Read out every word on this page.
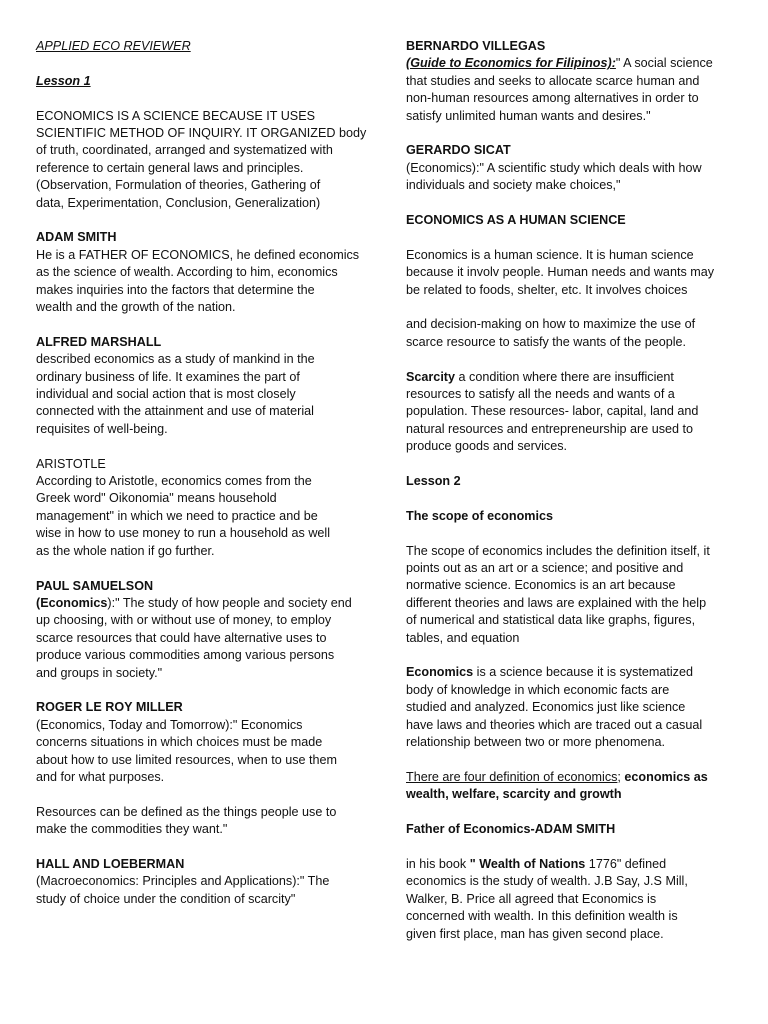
APPLIED ECO REVIEWER
Lesson 1
ECONOMICS IS A SCIENCE BECAUSE IT USES
SCIENTIFIC METHOD OF INQUIRY. IT ORGANIZED body
of truth, coordinated, arranged and systematized with
reference to certain general laws and principles.
(Observation, Formulation of theories, Gathering of
data, Experimentation, Conclusion, Generalization)
ADAM SMITH
He is a FATHER OF ECONOMICS, he defined economics
as the science of wealth. According to him, economics
makes inquiries into the factors that determine the
wealth and the growth of the nation.
ALFRED MARSHALL
described economics as a study of mankind in the
ordinary business of life. It examines the part of
individual and social action that is most closely
connected with the attainment and use of material
requisites of well-being.
ARISTOTLE
According to Aristotle, economics comes from the
Greek word" Oikonomia" means household
management" in which we need to practice and be
wise in how to use money to run a household as well
as the whole nation if go further.
PAUL SAMUELSON
(Economics):" The study of how people and society end
up choosing, with or without use of money, to employ
scarce resources that could have alternative uses to
produce various commodities among various persons
and groups in society."
ROGER LE ROY MILLER
(Economics, Today and Tomorrow):" Economics
concerns situations in which choices must be made
about how to use limited resources, when to use them
and for what purposes.
Resources can be defined as the things people use to
make the commodities they want."
HALL AND LOEBERMAN
(Macroeconomics: Principles and Applications):" The
study of choice under the condition of scarcity"
BERNARDO VILLEGAS
(Guide to Economics for Filipinos):" A social science
that studies and seeks to allocate scarce human and
non-human resources among alternatives in order to
satisfy unlimited human wants and desires."
GERARDO SICAT
(Economics):" A scientific study which deals with how
individuals and society make choices,"
ECONOMICS AS A HUMAN SCIENCE
Economics is a human science. It is human science
because it involv people. Human needs and wants may
be related to foods, shelter, etc. It involves choices
and decision-making on how to maximize the use of
scarce resource to satisfy the wants of the people.
Scarcity a condition where there are insufficient
resources to satisfy all the needs and wants of a
population. These resources- labor, capital, land and
natural resources and entrepreneurship are used to
produce goods and services.
Lesson 2
The scope of economics
The scope of economics includes the definition itself, it
points out as an art or a science; and positive and
normative science. Economics is an art because
different theories and laws are explained with the help
of numerical and statistical data like graphs, figures,
tables, and equation
Economics is a science because it is systematized
body of knowledge in which economic facts are
studied and analyzed. Economics just like science
have laws and theories which are traced out a casual
relationship between two or more phenomena.
There are four definition of economics; economics as
wealth, welfare, scarcity and growth
Father of Economics-ADAM SMITH
in his book " Wealth of Nations 1776" defined
economics is the study of wealth. J.B Say, J.S Mill,
Walker, B. Price all agreed that Economics is
concerned with wealth. In this definition wealth is
given first place, man has given second place.
